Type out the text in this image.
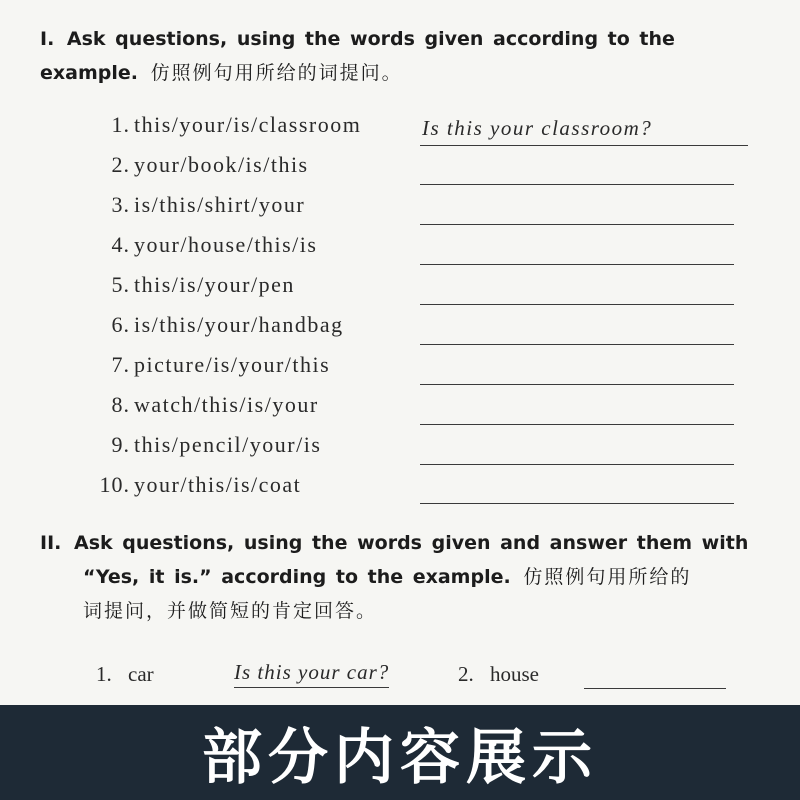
I. Ask questions, using the words given according to the example. 仿照例句用所给的词提问。
1. this/your/is/classroom	Is this your classroom?
2. your/book/is/this
3. is/this/shirt/your
4. your/house/this/is
5. this/is/your/pen
6. is/this/your/handbag
7. picture/is/your/this
8. watch/this/is/your
9. this/pencil/your/is
10. your/this/is/coat
II. Ask questions, using the words given and answer them with
“Yes, it is.” according to the example. 仿照例句用所给的
词提问，并做简短的肯定回答。
1. car	Is this your car?	2. house
部分内容展示
